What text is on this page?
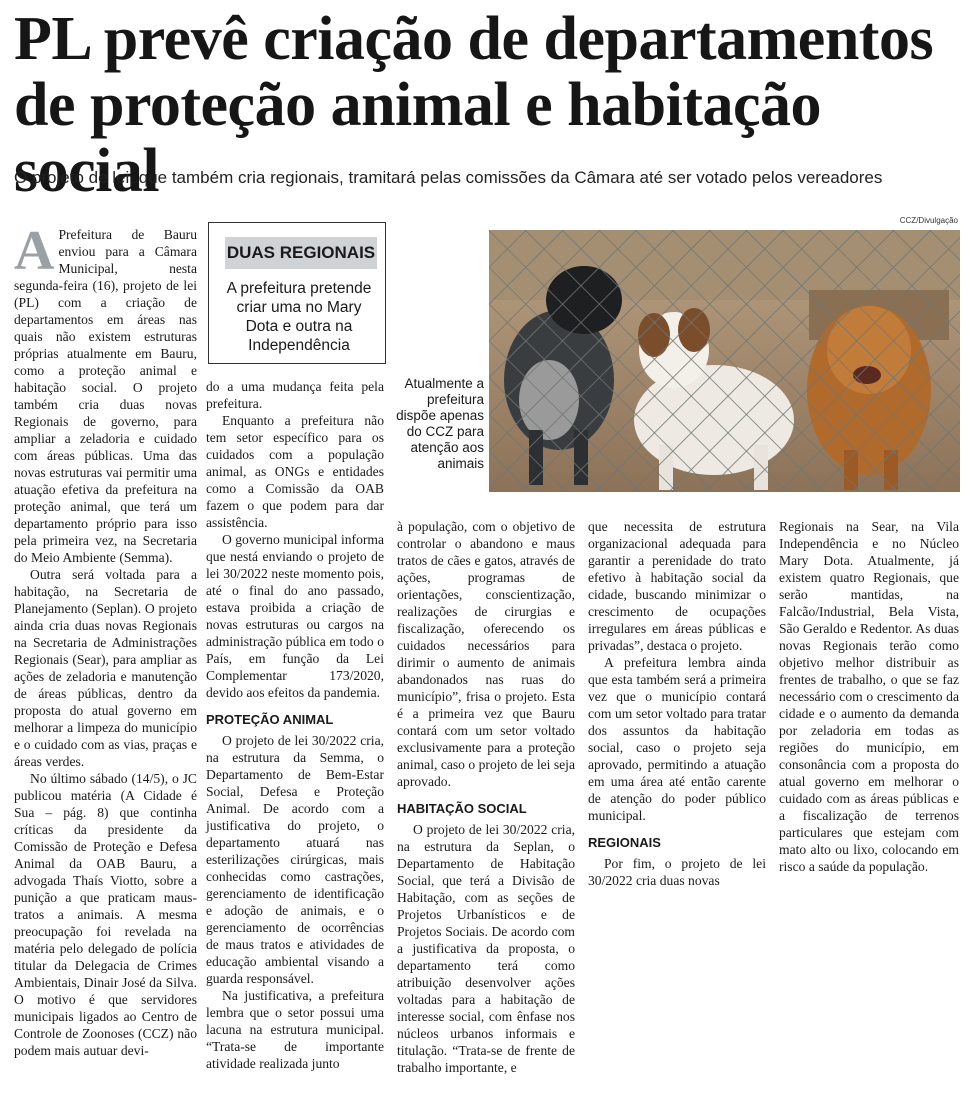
PL prevê criação de departamentos de proteção animal e habitação social
O projeto de lei, que também cria regionais, tramitará pelas comissões da Câmara até ser votado pelos vereadores

A Prefeitura de Bauru enviou para a Câmara Municipal, nesta segunda-feira (16), projeto de lei (PL) com a criação de departamentos em áreas nas quais não existem estruturas próprias atualmente em Bauru, como a proteção animal e habitação social. O projeto também cria duas novas Regionais de governo, para ampliar a zeladoria e cuidado com áreas públicas. Uma das novas estruturas vai permitir uma atuação efetiva da prefeitura na proteção animal, que terá um departamento próprio para isso pela primeira vez, na Secretaria do Meio Ambiente (Semma).

Outra será voltada para a habitação, na Secretaria de Planejamento (Seplan). O projeto ainda cria duas novas Regionais na Secretaria de Administrações Regionais (Sear), para ampliar as ações de zeladoria e manutenção de áreas públicas, dentro da proposta do atual governo em melhorar a limpeza do município e o cuidado com as vias, praças e áreas verdes.

No último sábado (14/5), o JC publicou matéria (A Cidade é Sua – pág. 8) que continha críticas da presidente da Comissão de Proteção e Defesa Animal da OAB Bauru, a advogada Thaís Viotto, sobre a punição a que praticam maus-tratos a animais. A mesma preocupação foi revelada na matéria pelo delegado de polícia titular da Delegacia de Crimes Ambientais, Dinair José da Silva. O motivo é que servidores municipais ligados ao Centro de Controle de Zoonoses (CCZ) não podem mais autuar devi-

DUAS REGIONAIS
A prefeitura pretende criar uma no Mary Dota e outra na Independência

do a uma mudança feita pela prefeitura.

Enquanto a prefeitura não tem setor específico para os cuidados com a população animal, as ONGs e entidades como a Comissão da OAB fazem o que podem para dar assistência.

O governo municipal informa que nestá enviando o projeto de lei 30/2022 neste momento pois, até o final do ano passado, estava proibida a criação de novas estruturas ou cargos na administração pública em todo o País, em função da Lei Complementar 173/2020, devido aos efeitos da pandemia.

PROTEÇÃO ANIMAL

O projeto de lei 30/2022 cria, na estrutura da Semma, o Departamento de Bem-Estar Social, Defesa e Proteção Animal. De acordo com a justificativa do projeto, o departamento atuará nas esterilizações cirúrgicas, mais conhecidas como castrações, gerenciamento de identificação e adoção de animais, e o gerenciamento de ocorrências de maus tratos e atividades de educação ambiental visando a guarda responsável.

Na justificativa, a prefeitura lembra que o setor possui uma lacuna na estrutura municipal. “Trata-se de importante atividade realizada junto

CCZ/Divulgação
Atualmente a prefeitura dispõe apenas do CCZ para atenção aos animais

à população, com o objetivo de controlar o abandono e maus tratos de cães e gatos, através de ações, programas de orientações, conscientização, realizações de cirurgias e fiscalização, oferecendo os cuidados necessários para dirimir o aumento de animais abandonados nas ruas do município”, frisa o projeto. Esta é a primeira vez que Bauru contará com um setor voltado exclusivamente para a proteção animal, caso o projeto de lei seja aprovado.

HABITAÇÃO SOCIAL

O projeto de lei 30/2022 cria, na estrutura da Seplan, o Departamento de Habitação Social, que terá a Divisão de Habitação, com as seções de Projetos Urbanísticos e de Projetos Sociais. De acordo com a justificativa da proposta, o departamento terá como atribuição desenvolver ações voltadas para a habitação de interesse social, com ênfase nos núcleos urbanos informais e titulação. “Trata-se de frente de trabalho importante, e

que necessita de estrutura organizacional adequada para garantir a perenidade do trato efetivo à habitação social da cidade, buscando minimizar o crescimento de ocupações irregulares em áreas públicas e privadas”, destaca o projeto.

A prefeitura lembra ainda que esta também será a primeira vez que o município contará com um setor voltado para tratar dos assuntos da habitação social, caso o projeto seja aprovado, permitindo a atuação em uma área até então carente de atenção do poder público municipal.

REGIONAIS

Por fim, o projeto de lei 30/2022 cria duas novas

Regionais na Sear, na Vila Independência e no Núcleo Mary Dota. Atualmente, já existem quatro Regionais, que serão mantidas, na Falcão/Industrial, Bela Vista, São Geraldo e Redentor. As duas novas Regionais terão como objetivo melhor distribuir as frentes de trabalho, o que se faz necessário com o crescimento da cidade e o aumento da demanda por zeladoria em todas as regiões do município, em consonância com a proposta do atual governo em melhorar o cuidado com as áreas públicas e a fiscalização de terrenos particulares que estejam com mato alto ou lixo, colocando em risco a saúde da população.
